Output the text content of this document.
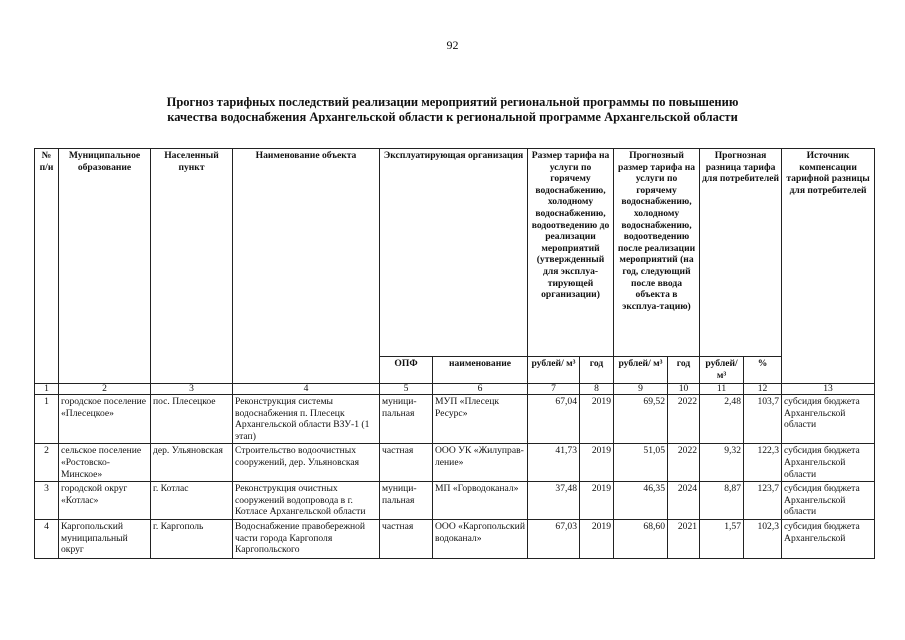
92
Прогноз тарифных последствий реализации мероприятий региональной программы по повышению
качества водоснабжения Архангельской области к региональной программе Архангельской области
№ п/и	Муниципальное образование	Населенный пункт	Наименование объекта	Эксплуатирующая организация		Размер тарифа на услуги по горячему водоснабжению, холодному водоснабжению, водоотведению до реализации мероприятий (утвержденный для эксплуа-тирующей организации)		Прогнозный размер тарифа на услуги по горячему водоснабжению, холодному водоснабжению, водоотведению после реализации мероприятий (на год, следующий после ввода объекта в эксплуа-тацию)		Прогнозная разница тарифа для потребителей		Источник компенсации тарифной разницы для потребителей
				ОПФ	наименование	рублей/ м³	год	рублей/ м³	год	рублей/ м³	%	
1	2	3	4	5	6	7	8	9	10	11	12	13
1	городское поселение «Плесецкое»	пос. Плесецкое	Реконструкция системы водоснабжения п. Плесецк Архангельской области ВЗУ-1 (1 этап)	муници-пальная	МУП «Плесецк Ресурс»	67,04	2019	69,52	2022	2,48	103,7	субсидия бюджета Архангельской области
2	сельское поселение «Ростовско-Минское»	дер. Ульяновская	Строительство водоочистных сооружений, дер. Ульяновская	частная	ООО УК «Жилуправ-ление»	41,73	2019	51,05	2022	9,32	122,3	субсидия бюджета Архангельской области
3	городской округ «Котлас»	г. Котлас	Реконструкция очистных сооружений водопровода в г. Котласе Архангельской области	муници-пальная	МП «Горводоканал»	37,48	2019	46,35	2024	8,87	123,7	субсидия бюджета Архангельской области

4	Каргопольский муниципальный округ	г. Каргополь	Водоснабжение правобережной части города Каргополя Каргопольского	частная	ООО «Каргопольский водоканал»	67,03	2019	68,60	2021	1,57	102,3	субсидия бюджета Архангельской
